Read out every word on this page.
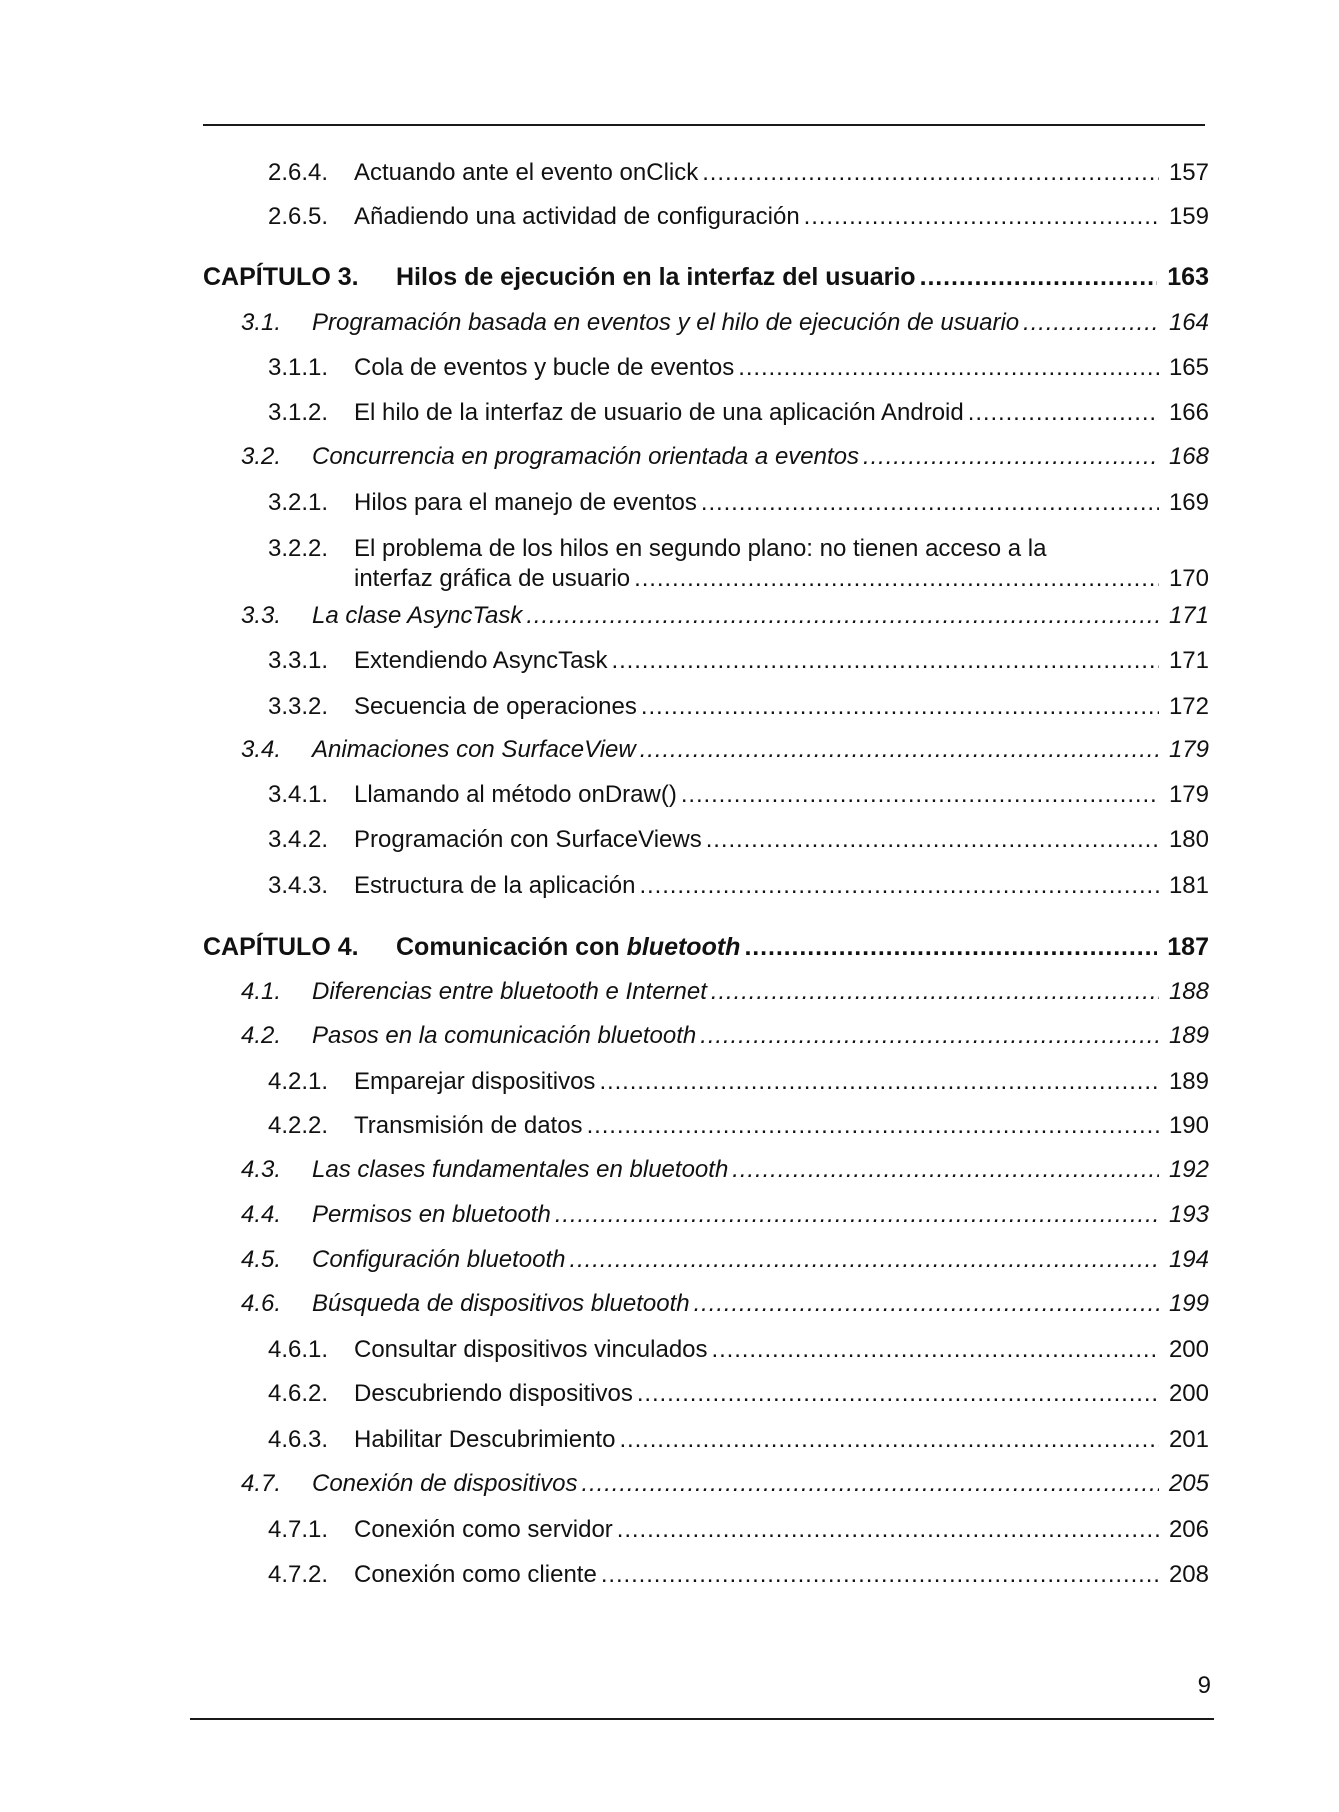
2.6.4. Actuando ante el evento onClick .....	157
2.6.5. Añadiendo una actividad de configuración .....	159
CAPÍTULO 3. Hilos de ejecución en la interfaz del usuario .....	163
3.1. Programación basada en eventos y el hilo de ejecución de usuario .....	164
3.1.1. Cola de eventos y bucle de eventos .....	165
3.1.2. El hilo de la interfaz de usuario de una aplicación Android .....	166
3.2. Concurrencia en programación orientada a eventos .....	168
3.2.1. Hilos para el manejo de eventos .....	169
3.2.2. El problema de los hilos en segundo plano: no tienen acceso a la
interfaz gráfica de usuario .....	170
3.3. La clase AsyncTask .....	171
3.3.1. Extendiendo AsyncTask .....	171
3.3.2. Secuencia de operaciones .....	172
3.4. Animaciones con SurfaceView .....	179
3.4.1. Llamando al método onDraw() .....	179
3.4.2. Programación con SurfaceViews .....	180
3.4.3. Estructura de la aplicación .....	181
CAPÍTULO 4. Comunicación con bluetooth .....	187
4.1. Diferencias entre bluetooth e Internet .....	188
4.2. Pasos en la comunicación bluetooth .....	189
4.2.1. Emparejar dispositivos .....	189
4.2.2. Transmisión de datos .....	190
4.3. Las clases fundamentales en bluetooth .....	192
4.4. Permisos en bluetooth .....	193
4.5. Configuración bluetooth .....	194
4.6. Búsqueda de dispositivos bluetooth .....	199
4.6.1. Consultar dispositivos vinculados .....	200
4.6.2. Descubriendo dispositivos .....	200
4.6.3. Habilitar Descubrimiento .....	201
4.7. Conexión de dispositivos .....	205
4.7.1. Conexión como servidor .....	206
4.7.2. Conexión como cliente .....	208
9
